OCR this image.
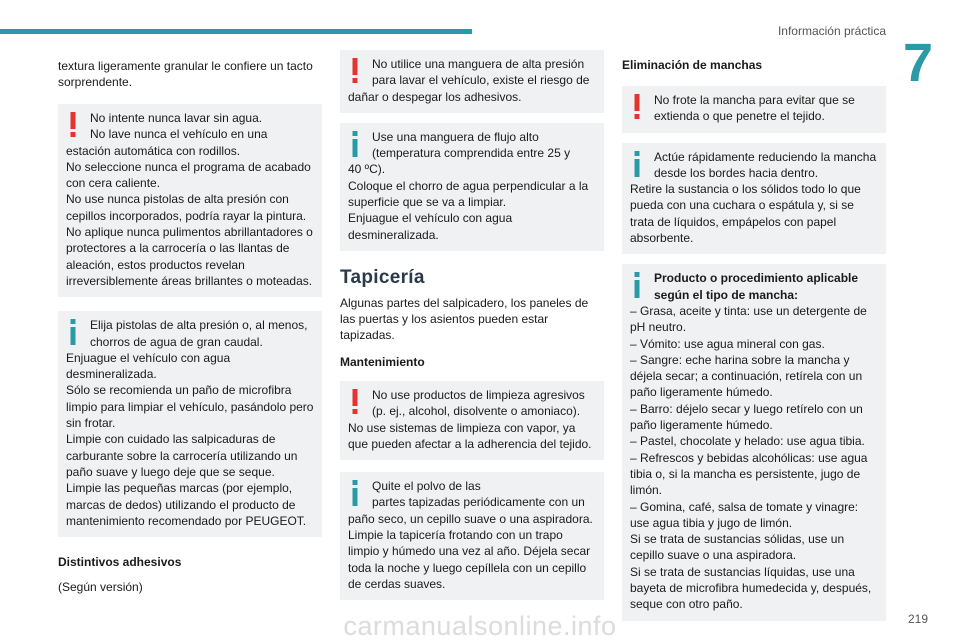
Información práctica
7

textura ligeramente granular le confiere un tacto sorprendente.

No intente nunca lavar sin agua.
No lave nunca el vehículo en una

estación automática con rodillos.
No seleccione nunca el programa de acabado con cera caliente.
No use nunca pistolas de alta presión con cepillos incorporados, podría rayar la pintura.
No aplique nunca pulimentos abrillantadores o protectores a la carrocería o las llantas de aleación, estos productos revelan irreversiblemente áreas brillantes o moteadas.

Elija pistolas de alta presión o, al menos, chorros de agua de gran caudal.

Enjuague el vehículo con agua desmineralizada.
Sólo se recomienda un paño de microfibra limpio para limpiar el vehículo, pasándolo pero sin frotar.
Limpie con cuidado las salpicaduras de carburante sobre la carrocería utilizando un paño suave y luego deje que se seque.
Limpie las pequeñas marcas (por ejemplo, marcas de dedos) utilizando el producto de mantenimiento recomendado por PEUGEOT.

Distintivos adhesivos

(Según versión)

No utilice una manguera de alta presión para lavar el vehículo, existe el riesgo de

dañar o despegar los adhesivos.

Use una manguera de flujo alto (temperatura comprendida entre 25 y

40 ºC).
Coloque el chorro de agua perpendicular a la superficie que se va a limpiar.
Enjuague el vehículo con agua desmineralizada.

Tapicería

Algunas partes del salpicadero, los paneles de las puertas y los asientos pueden estar tapizadas.

Mantenimiento

No use productos de limpieza agresivos (p. ej., alcohol, disolvente o amoniaco).

No use sistemas de limpieza con vapor, ya que pueden afectar a la adherencia del tejido.

Quite el polvo de las
partes tapizadas periódicamente con un

paño seco, un cepillo suave o una aspiradora.
Limpie la tapicería frotando con un trapo limpio y húmedo una vez al año. Déjela secar toda la noche y luego cepíllela con un cepillo de cerdas suaves.

Eliminación de manchas

No frote la mancha para evitar que se extienda o que penetre el tejido.

Actúe rápidamente reduciendo la mancha desde los bordes hacia dentro.

Retire la sustancia o los sólidos todo lo que pueda con una cuchara o espátula y, si se trata de líquidos, empápelos con papel absorbente.

Producto o procedimiento aplicable según el tipo de mancha:

– Grasa, aceite y tinta: use un detergente de pH neutro.
– Vómito: use agua mineral con gas.
– Sangre: eche harina sobre la mancha y déjela secar; a continuación, retírela con un paño ligeramente húmedo.
– Barro: déjelo secar y luego retírelo con un paño ligeramente húmedo.
– Pastel, chocolate y helado: use agua tibia.
– Refrescos y bebidas alcohólicas: use agua tibia o, si la mancha es persistente, jugo de limón.
– Gomina, café, salsa de tomate y vinagre: use agua tibia y jugo de limón.
Si se trata de sustancias sólidas, use un cepillo suave o una aspiradora.
Si se trata de sustancias líquidas, use una bayeta de microfibra humedecida y, después, seque con otro paño.

carmanualsonline.info	219
